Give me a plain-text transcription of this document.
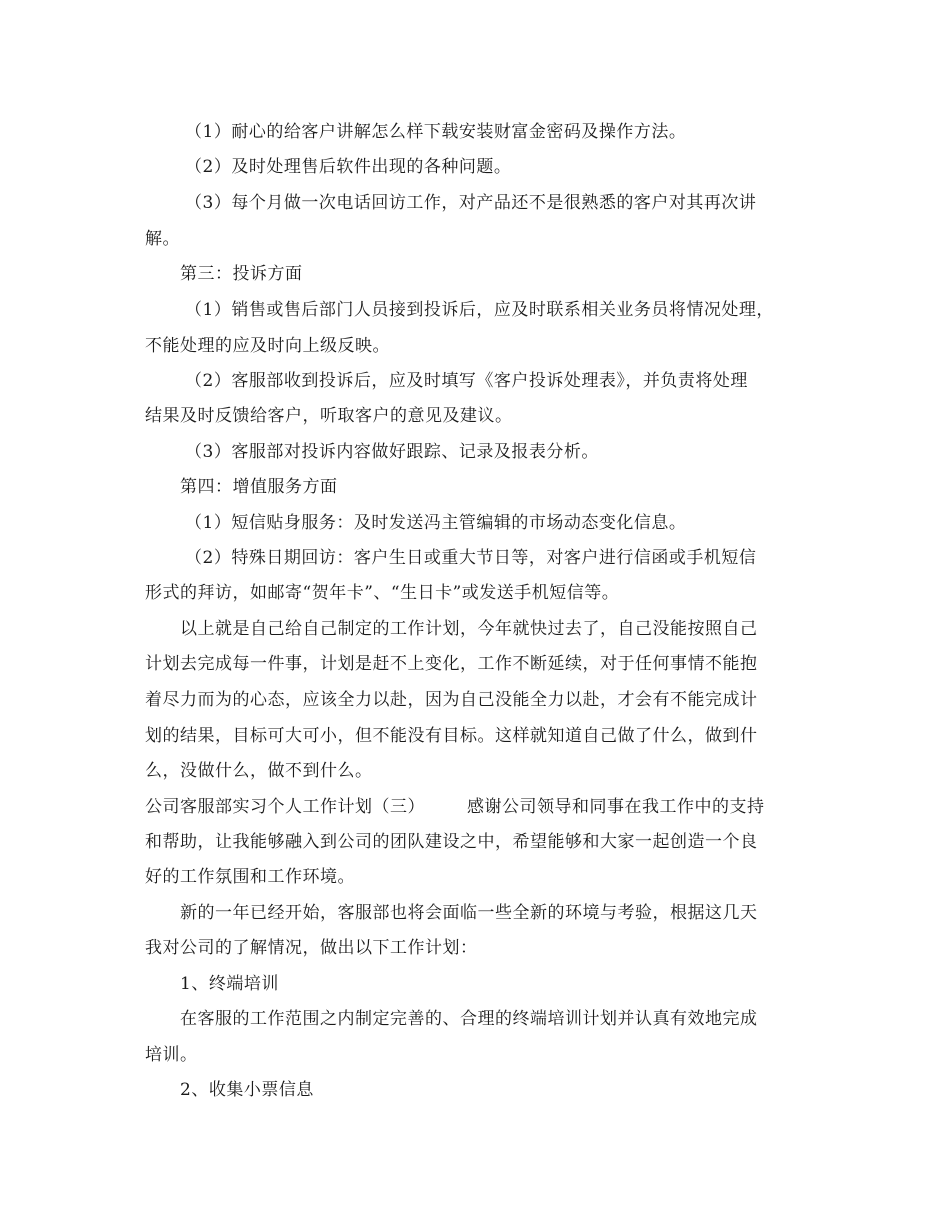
（1）耐心的给客户讲解怎么样下载安装财富金密码及操作方法。
（2）及时处理售后软件出现的各种问题。
（3）每个月做一次电话回访工作，对产品还不是很熟悉的客户对其再次讲
解。
第三：投诉方面
（1）销售或售后部门人员接到投诉后，应及时联系相关业务员将情况处理，
不能处理的应及时向上级反映。
（2）客服部收到投诉后，应及时填写《客户投诉处理表》，并负责将处理
结果及时反馈给客户，听取客户的意见及建议。
（3）客服部对投诉内容做好跟踪、记录及报表分析。
第四：增值服务方面
（1）短信贴身服务：及时发送冯主管编辑的市场动态变化信息。
（2）特殊日期回访：客户生日或重大节日等，对客户进行信函或手机短信
形式的拜访，如邮寄“贺年卡”、“生日卡”或发送手机短信等。
以上就是自己给自己制定的工作计划，今年就快过去了，自己没能按照自己
计划去完成每一件事，计划是赶不上变化，工作不断延续，对于任何事情不能抱
着尽力而为的心态，应该全力以赴，因为自己没能全力以赴，才会有不能完成计
划的结果，目标可大可小，但不能没有目标。这样就知道自己做了什么，做到什
么，没做什么，做不到什么。
公司客服部实习个人工作计划（三） 感谢公司领导和同事在我工作中的支持
和帮助，让我能够融入到公司的团队建设之中，希望能够和大家一起创造一个良
好的工作氛围和工作环境。
新的一年已经开始，客服部也将会面临一些全新的环境与考验，根据这几天
我对公司的了解情况，做出以下工作计划：
1、终端培训
在客服的工作范围之内制定完善的、合理的终端培训计划并认真有效地完成
培训。
2、收集小票信息
